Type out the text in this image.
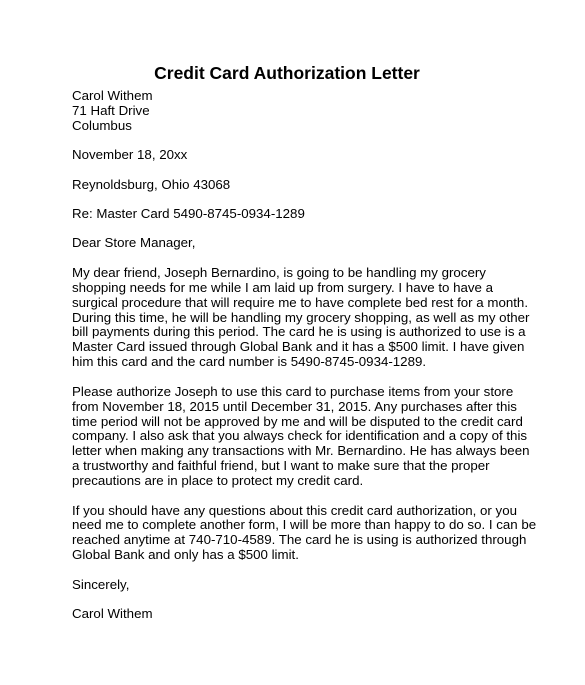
Credit Card Authorization Letter
Carol Withem
71 Haft Drive
Columbus
November 18, 20xx
Reynoldsburg, Ohio 43068
Re: Master Card 5490-8745-0934-1289
Dear Store Manager,
My dear friend, Joseph Bernardino, is going to be handling my grocery
shopping needs for me while I am laid up from surgery. I have to have a
surgical procedure that will require me to have complete bed rest for a month.
During this time, he will be handling my grocery shopping, as well as my other
bill payments during this period. The card he is using is authorized to use is a
Master Card issued through Global Bank and it has a $500 limit. I have given
him this card and the card number is 5490-8745-0934-1289.
Please authorize Joseph to use this card to purchase items from your store
from November 18, 2015 until December 31, 2015. Any purchases after this
time period will not be approved by me and will be disputed to the credit card
company. I also ask that you always check for identification and a copy of this
letter when making any transactions with Mr. Bernardino. He has always been
a trustworthy and faithful friend, but I want to make sure that the proper
precautions are in place to protect my credit card.
If you should have any questions about this credit card authorization, or you
need me to complete another form, I will be more than happy to do so. I can be
reached anytime at 740-710-4589. The card he is using is authorized through
Global Bank and only has a $500 limit.
Sincerely,
Carol Withem
